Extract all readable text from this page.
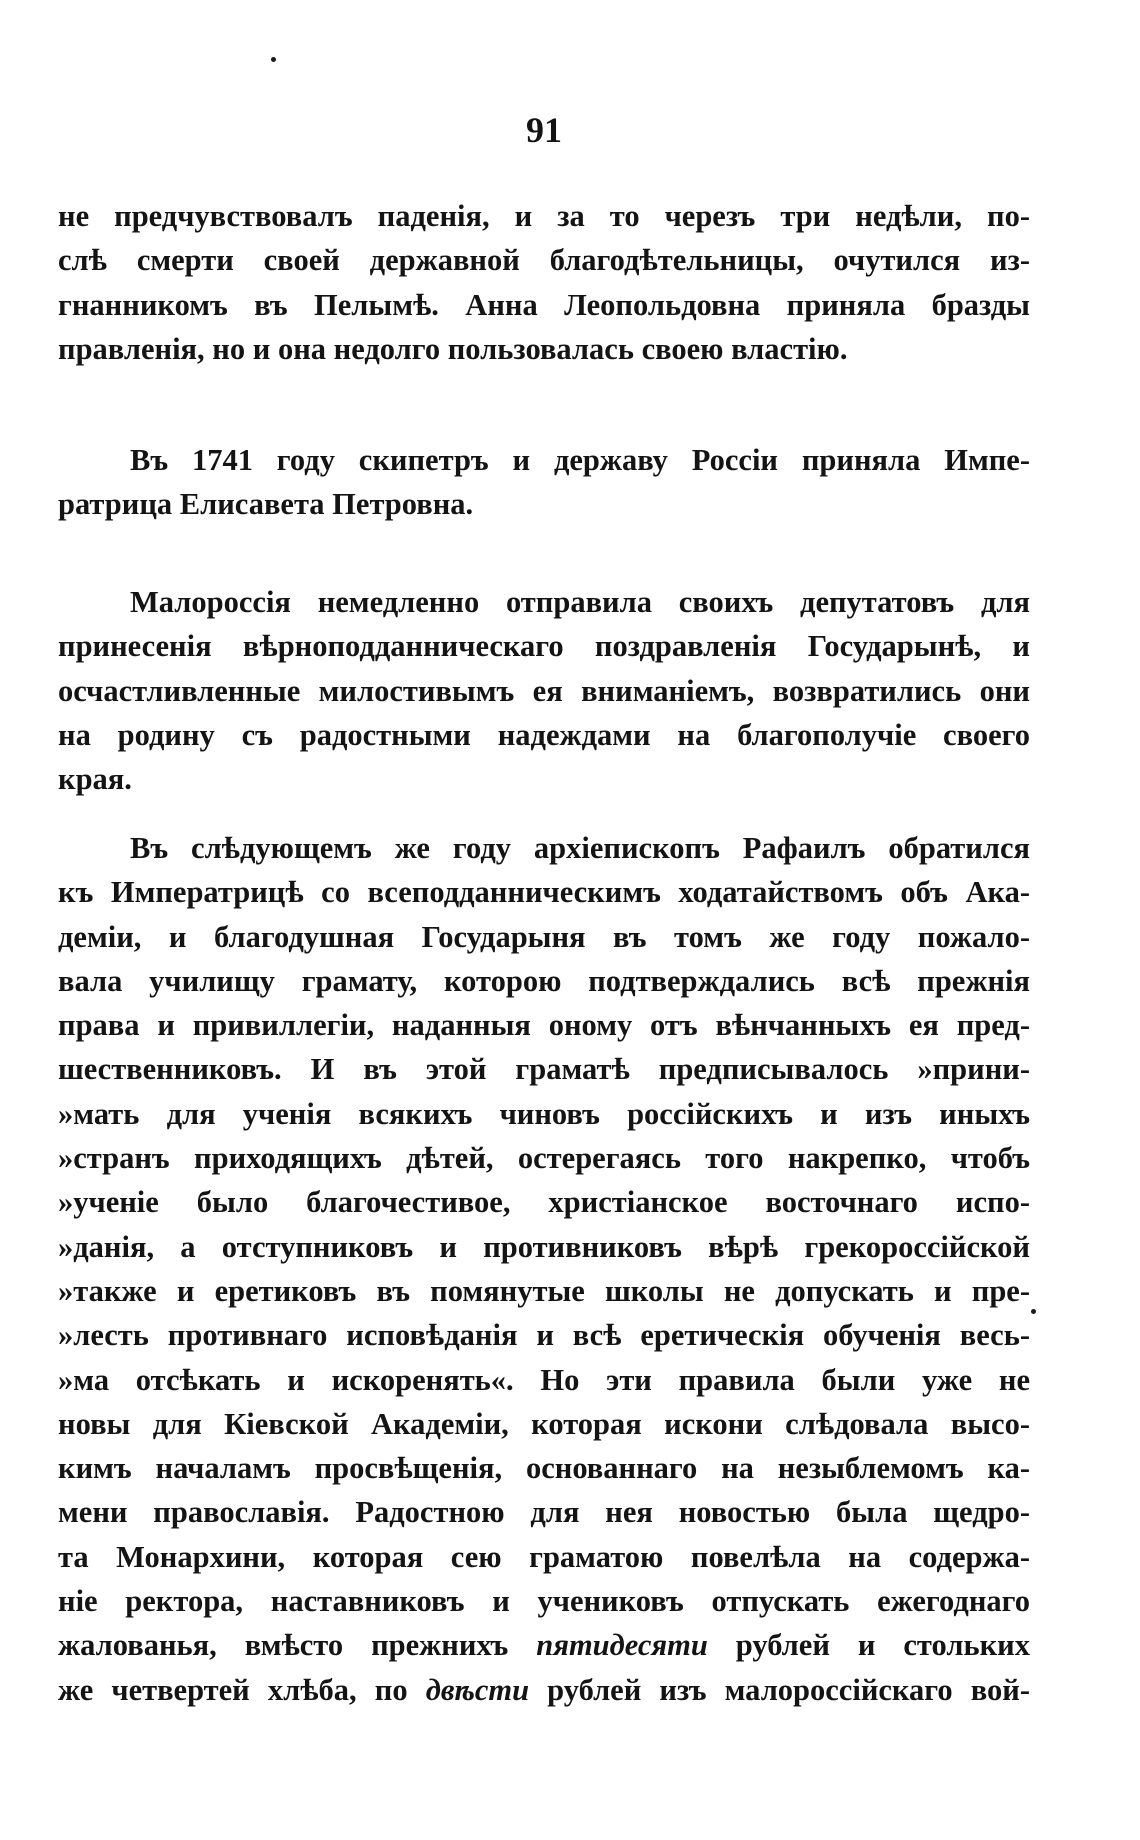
91
не предчувствовалъ паденія, и за то черезъ три недѣли, по-
слѣ смерти своей державной благодѣтельницы, очутился из-
гнанникомъ въ Пелымѣ. Анна Леопольдовна приняла бразды
правленія, но и она недолго пользовалась своею властію.
Въ 1741 году скипетръ и державу Россіи приняла Импе-
ратрица Елисавета Петровна.
Малороссія немедленно отправила своихъ депутатовъ для
принесенія вѣрноподданническаго поздравленія Государынѣ, и
осчастливленные милостивымъ ея вниманіемъ, возвратились они
на родину съ радостными надеждами на благополучіе своего
края.
Въ слѣдующемъ же году архіепископъ Рафаилъ обратился
къ Императрицѣ со всеподданническимъ ходатайствомъ объ Ака-
деміи, и благодушная Государыня въ томъ же году пожало-
вала училищу грамату, которою подтверждались всѣ прежнія
права и привиллегіи, наданныя оному отъ вѣнчанныхъ ея пред-
шественниковъ. И въ этой граматѣ предписывалось »прини-
»мать для ученія всякихъ чиновъ россійскихъ и изъ иныхъ
»странъ приходящихъ дѣтей, остерегаясь того накрепко, чтобъ
»ученіе было благочестивое, христіанское восточнаго испо-
»данія, а отступниковъ и противниковъ вѣрѣ грекороссійской
»также и еретиковъ въ помянутые школы не допускать и пре-
»лесть противнаго исповѣданія и всѣ еретическія обученія весь-
»ма отсѣкать и искоренять«. Но эти правила были уже не
новы для Кіевской Академіи, которая искони слѣдовала высо-
кимъ началамъ просвѣщенія, основаннаго на незыблемомъ ка-
мени православія. Радостною для нея новостью была щедро-
та Монархини, которая сею граматою повелѣла на содержа-
ніе ректора, наставниковъ и учениковъ отпускать ежегоднаго
жалованья, вмѣсто прежнихъ пятидесяти рублей и стольких
же четвертей хлѣба, по двѣсти рублей изъ малороссійскаго вой-
